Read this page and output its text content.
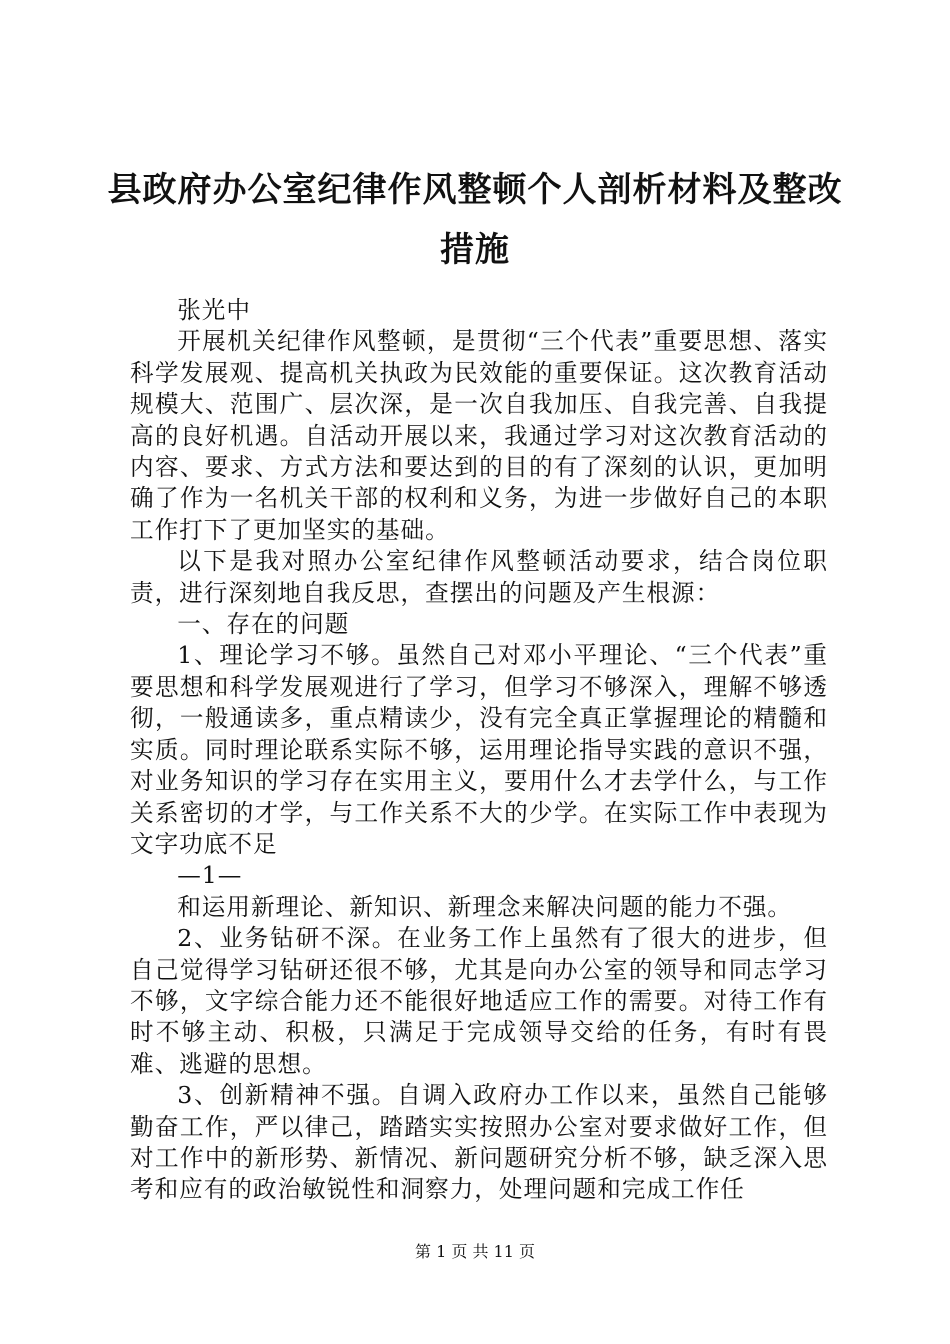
县政府办公室纪律作风整顿个人剖析材料及整改措施

张光中

开展机关纪律作风整顿，是贯彻“三个代表”重要思想、落实科学发展观、提高机关执政为民效能的重要保证。这次教育活动规模大、范围广、层次深，是一次自我加压、自我完善、自我提高的良好机遇。自活动开展以来，我通过学习对这次教育活动的内容、要求、方式方法和要达到的目的有了深刻的认识，更加明确了作为一名机关干部的权利和义务，为进一步做好自己的本职工作打下了更加坚实的基础。

以下是我对照办公室纪律作风整顿活动要求，结合岗位职责，进行深刻地自我反思，查摆出的问题及产生根源：

一、存在的问题

1、理论学习不够。虽然自己对邓小平理论、“三个代表”重要思想和科学发展观进行了学习，但学习不够深入，理解不够透彻，一般通读多，重点精读少，没有完全真正掌握理论的精髓和实质。同时理论联系实际不够，运用理论指导实践的意识不强，对业务知识的学习存在实用主义，要用什么才去学什么，与工作关系密切的才学，与工作关系不大的少学。在实际工作中表现为文字功底不足

—1—

和运用新理论、新知识、新理念来解决问题的能力不强。

2、业务钻研不深。在业务工作上虽然有了很大的进步，但自己觉得学习钻研还很不够，尤其是向办公室的领导和同志学习不够，文字综合能力还不能很好地适应工作的需要。对待工作有时不够主动、积极，只满足于完成领导交给的任务，有时有畏难、逃避的思想。

3、创新精神不强。自调入政府办工作以来，虽然自己能够勤奋工作，严以律己，踏踏实实按照办公室对要求做好工作，但对工作中的新形势、新情况、新问题研究分析不够，缺乏深入思考和应有的政治敏锐性和洞察力，处理问题和完成工作任

第 1 页 共 11 页
